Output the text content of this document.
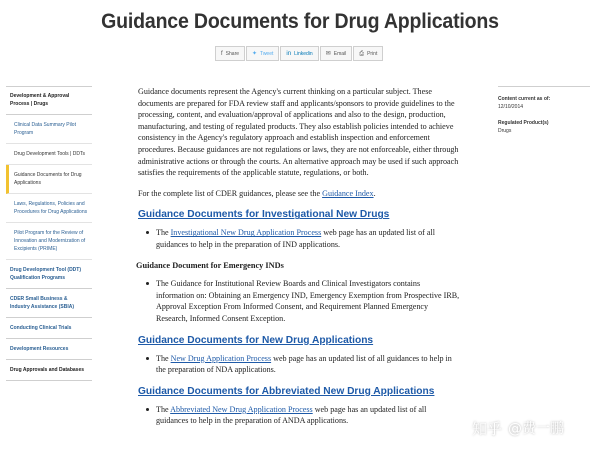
Guidance Documents for Drug Applications
f Share ✦ Tweet in Linkedin ✉ Email ⎙ Print
Development & Approval Process | Drugs
Clinical Data Summary Pilot Program
Drug Development Tools | DDTs
Guidance Documents for Drug Applications
Laws, Regulations, Policies and Procedures for Drug Applications
Pilot Program for the Review of Innovation and Modernization of Excipients (PRIME)
Drug Development Tool (DDT) Qualification Programs
CDER Small Business & Industry Assistance (SBIA)
Conducting Clinical Trials
Development Resources
Drug Approvals and Databases

Guidance documents represent the Agency's current thinking on a particular subject. These documents are prepared for FDA review staff and applicants/sponsors to provide guidelines to the processing, content, and evaluation/approval of applications and also to the design, production, manufacturing, and testing of regulated products. They also establish policies intended to achieve consistency in the Agency's regulatory approach and establish inspection and enforcement procedures. Because guidances are not regulations or laws, they are not enforceable, either through administrative actions or through the courts. An alternative approach may be used if such approach satisfies the requirements of the applicable statute, regulations, or both.

For the complete list of CDER guidances, please see the Guidance Index.

Guidance Documents for Investigational New Drugs
The Investigational New Drug Application Process web page has an updated list of all guidances to help in the preparation of IND applications.
Guidance Document for Emergency INDs
The Guidance for Institutional Review Boards and Clinical Investigators contains information on: Obtaining an Emergency IND, Emergency Exemption from Prospective IRB, Approval Exception From Informed Consent, and Requirement Planned Emergency Research, Informed Consent Exception.
Guidance Documents for New Drug Applications
The New Drug Application Process web page has an updated list of all guidances to help in the preparation of NDA applications.
Guidance Documents for Abbreviated New Drug Applications
The Abbreviated New Drug Application Process web page has an updated list of all guidances to help in the preparation of ANDA applications.
Content current as of:
12/10/2014
Regulated Product(s)
Drugs
知乎 @费一鹏
